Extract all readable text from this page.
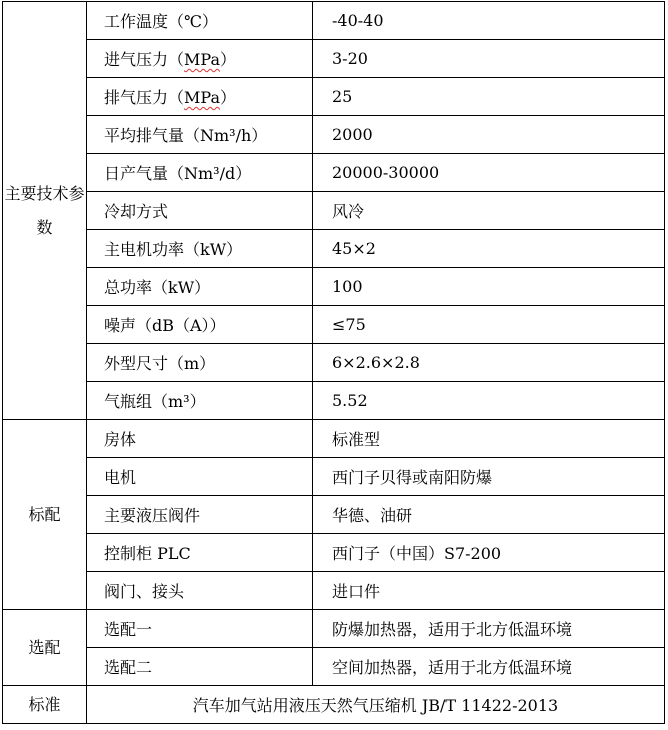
主要技术参数	工作温度（℃）	-40-40
	进气压力（MPa）	3-20
	排气压力（MPa）	25
	平均排气量（Nm³/h）	2000
	日产气量（Nm³/d）	20000-30000
	冷却方式	风冷
	主电机功率（kW）	45×2
	总功率（kW）	100
	噪声（dB（A））	≤75
	外型尺寸（m）	6×2.6×2.8
	气瓶组（m³）	5.52
标配	房体	标准型
	电机	西门子贝得或南阳防爆
	主要液压阀件	华德、油研
	控制柜 PLC	西门子（中国）S7-200
	阀门、接头	进口件
选配	选配一	防爆加热器，适用于北方低温环境
	选配二	空间加热器，适用于北方低温环境
标准	汽车加气站用液压天然气压缩机 JB/T 11422-2013	
